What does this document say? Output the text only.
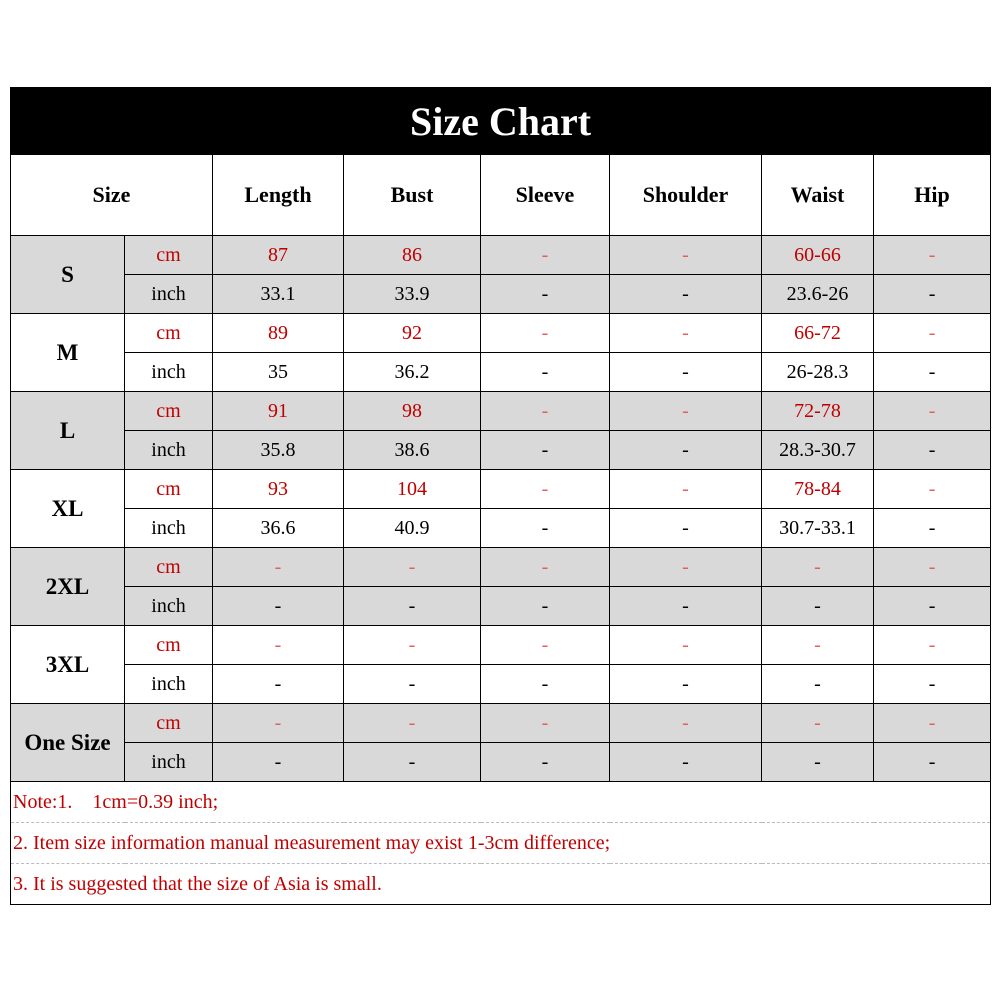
Size Chart							
Size		Length	Bust	Sleeve	Shoulder	Waist	Hip
S	cm	87	86	-	-	60-66	-
	inch	33.1	33.9	-	-	23.6-26	-
M	cm	89	92	-	-	66-72	-
	inch	35	36.2	-	-	26-28.3	-
L	cm	91	98	-	-	72-78	-
	inch	35.8	38.6	-	-	28.3-30.7	-
XL	cm	93	104	-	-	78-84	-
	inch	36.6	40.9	-	-	30.7-33.1	-
2XL	cm	-	-	-	-	-	-
	inch	-	-	-	-	-	-
3XL	cm	-	-	-	-	-	-
	inch	-	-	-	-	-	-
One Size	cm	-	-	-	-	-	-
	inch	-	-	-	-	-	-
Note:1.    1cm=0.39 inch;							
2. Item size information manual measurement may exist 1-3cm difference;							
3. It is suggested that the size of Asia is small.							
